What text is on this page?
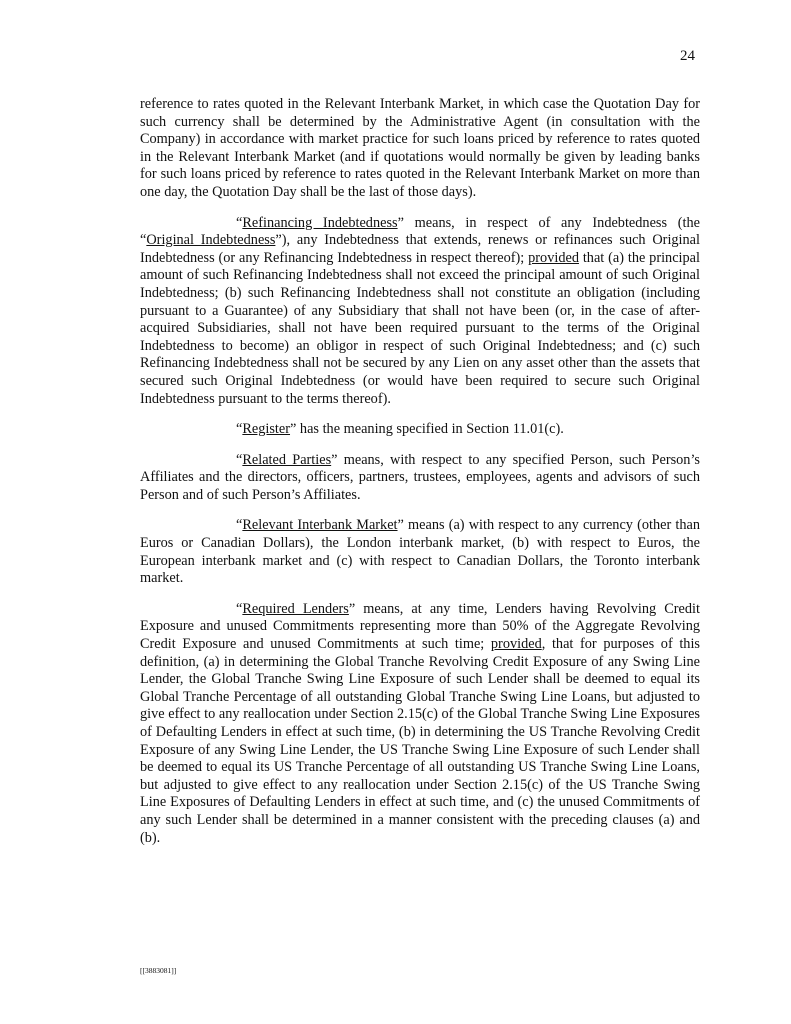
24

reference to rates quoted in the Relevant Interbank Market, in which case the Quotation Day for such currency shall be determined by the Administrative Agent (in consultation with the Company) in accordance with market practice for such loans priced by reference to rates quoted in the Relevant Interbank Market (and if quotations would normally be given by leading banks for such loans priced by reference to rates quoted in the Relevant Interbank Market on more than one day, the Quotation Day shall be the last of those days).

“Refinancing Indebtedness” means, in respect of any Indebtedness (the “Original Indebtedness”), any Indebtedness that extends, renews or refinances such Original Indebtedness (or any Refinancing Indebtedness in respect thereof); provided that (a) the principal amount of such Refinancing Indebtedness shall not exceed the principal amount of such Original Indebtedness; (b) such Refinancing Indebtedness shall not constitute an obligation (including pursuant to a Guarantee) of any Subsidiary that shall not have been (or, in the case of after-acquired Subsidiaries, shall not have been required pursuant to the terms of the Original Indebtedness to become) an obligor in respect of such Original Indebtedness; and (c) such Refinancing Indebtedness shall not be secured by any Lien on any asset other than the assets that secured such Original Indebtedness (or would have been required to secure such Original Indebtedness pursuant to the terms thereof).

“Register” has the meaning specified in Section 11.01(c).

“Related Parties” means, with respect to any specified Person, such Person’s Affiliates and the directors, officers, partners, trustees, employees, agents and advisors of such Person and of such Person’s Affiliates.

“Relevant Interbank Market” means (a) with respect to any currency (other than Euros or Canadian Dollars), the London interbank market, (b) with respect to Euros, the European interbank market and (c) with respect to Canadian Dollars, the Toronto interbank market.

“Required Lenders” means, at any time, Lenders having Revolving Credit Exposure and unused Commitments representing more than 50% of the Aggregate Revolving Credit Exposure and unused Commitments at such time; provided, that for purposes of this definition, (a) in determining the Global Tranche Revolving Credit Exposure of any Swing Line Lender, the Global Tranche Swing Line Exposure of such Lender shall be deemed to equal its Global Tranche Percentage of all outstanding Global Tranche Swing Line Loans, but adjusted to give effect to any reallocation under Section 2.15(c) of the Global Tranche Swing Line Exposures of Defaulting Lenders in effect at such time, (b) in determining the US Tranche Revolving Credit Exposure of any Swing Line Lender, the US Tranche Swing Line Exposure of such Lender shall be deemed to equal its US Tranche Percentage of all outstanding US Tranche Swing Line Loans, but adjusted to give effect to any reallocation under Section 2.15(c) of the US Tranche Swing Line Exposures of Defaulting Lenders in effect at such time, and (c) the unused Commitments of any such Lender shall be determined in a manner consistent with the preceding clauses (a) and (b).

[[3883081]]
